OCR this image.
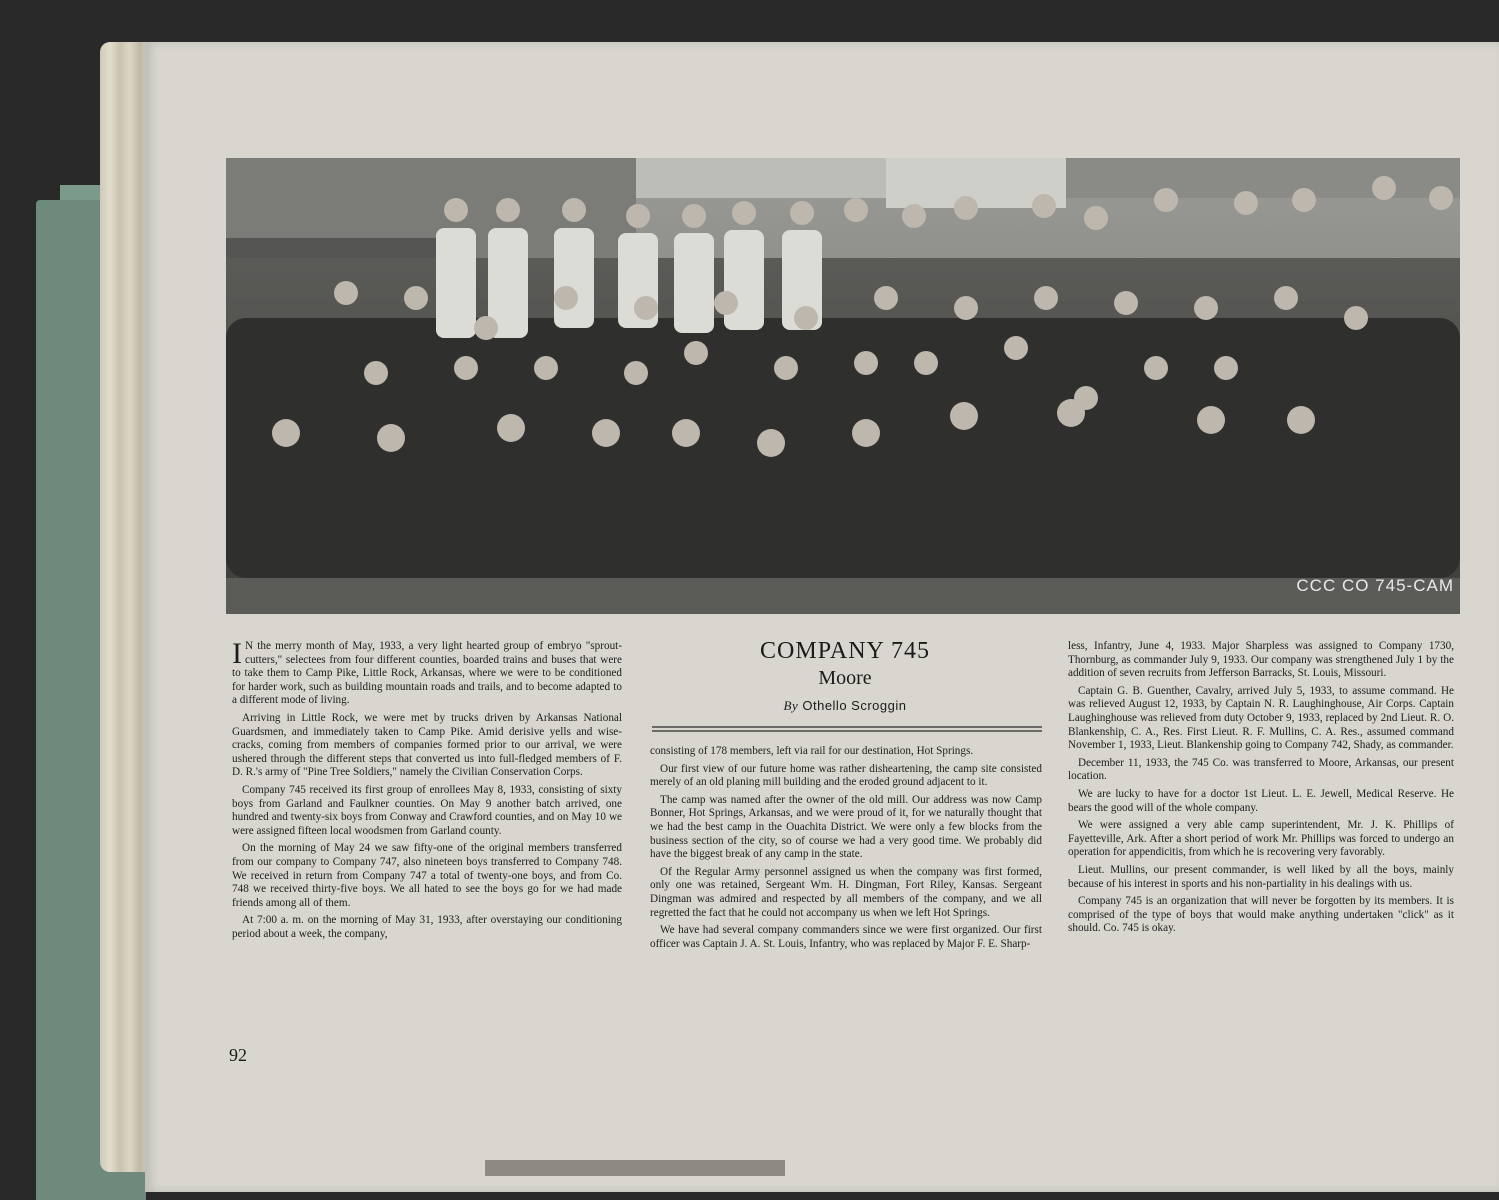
CCC CO 745-CAM

I N the merry month of May, 1933, a very light hearted group of embryo "sprout-cutters," selectees from four different counties, boarded trains and buses that were to take them to Camp Pike, Little Rock, Arkansas, where we were to be conditioned for harder work, such as building mountain roads and trails, and to become adapted to a different mode of living.

Arriving in Little Rock, we were met by trucks driven by Arkansas National Guardsmen, and immediately taken to Camp Pike. Amid derisive yells and wise-cracks, coming from members of companies formed prior to our arrival, we were ushered through the different steps that converted us into full-fledged members of F. D. R.'s army of "Pine Tree Soldiers," namely the Civilian Conservation Corps.

Company 745 received its first group of enrollees May 8, 1933, consisting of sixty boys from Garland and Faulkner counties. On May 9 another batch arrived, one hundred and twenty-six boys from Conway and Crawford counties, and on May 10 we were assigned fifteen local woodsmen from Garland county.

On the morning of May 24 we saw fifty-one of the original members transferred from our company to Company 747, also nineteen boys transferred to Company 748. We received in return from Company 747 a total of twenty-one boys, and from Co. 748 we received thirty-five boys. We all hated to see the boys go for we had made friends among all of them.

At 7:00 a. m. on the morning of May 31, 1933, after overstaying our conditioning period about a week, the company,

COMPANY 745
Moore
By Othello Scroggin

consisting of 178 members, left via rail for our destination, Hot Springs.

Our first view of our future home was rather disheartening, the camp site consisted merely of an old planing mill building and the eroded ground adjacent to it.

The camp was named after the owner of the old mill. Our address was now Camp Bonner, Hot Springs, Arkansas, and we were proud of it, for we naturally thought that we had the best camp in the Ouachita District. We were only a few blocks from the business section of the city, so of course we had a very good time. We probably did have the biggest break of any camp in the state.

Of the Regular Army personnel assigned us when the company was first formed, only one was retained, Sergeant Wm. H. Dingman, Fort Riley, Kansas. Sergeant Dingman was admired and respected by all members of the company, and we all regretted the fact that he could not accompany us when we left Hot Springs.

We have had several company commanders since we were first organized. Our first officer was Captain J. A. St. Louis, Infantry, who was replaced by Major F. E. Sharp-

less, Infantry, June 4, 1933. Major Sharpless was assigned to Company 1730, Thornburg, as commander July 9, 1933. Our company was strengthened July 1 by the addition of seven recruits from Jefferson Barracks, St. Louis, Missouri.

Captain G. B. Guenther, Cavalry, arrived July 5, 1933, to assume command. He was relieved August 12, 1933, by Captain N. R. Laughinghouse, Air Corps. Captain Laughinghouse was relieved from duty October 9, 1933, replaced by 2nd Lieut. R. O. Blankenship, C. A., Res. First Lieut. R. F. Mullins, C. A. Res., assumed command November 1, 1933, Lieut. Blankenship going to Company 742, Shady, as commander.

December 11, 1933, the 745 Co. was transferred to Moore, Arkansas, our present location.

We are lucky to have for a doctor 1st Lieut. L. E. Jewell, Medical Reserve. He bears the good will of the whole company.

We were assigned a very able camp superintendent, Mr. J. K. Phillips of Fayetteville, Ark. After a short period of work Mr. Phillips was forced to undergo an operation for appendicitis, from which he is recovering very favorably.

Lieut. Mullins, our present commander, is well liked by all the boys, mainly because of his interest in sports and his non-partiality in his dealings with us.

Company 745 is an organization that will never be forgotten by its members. It is comprised of the type of boys that would make anything undertaken "click" as it should. Co. 745 is okay.

92
